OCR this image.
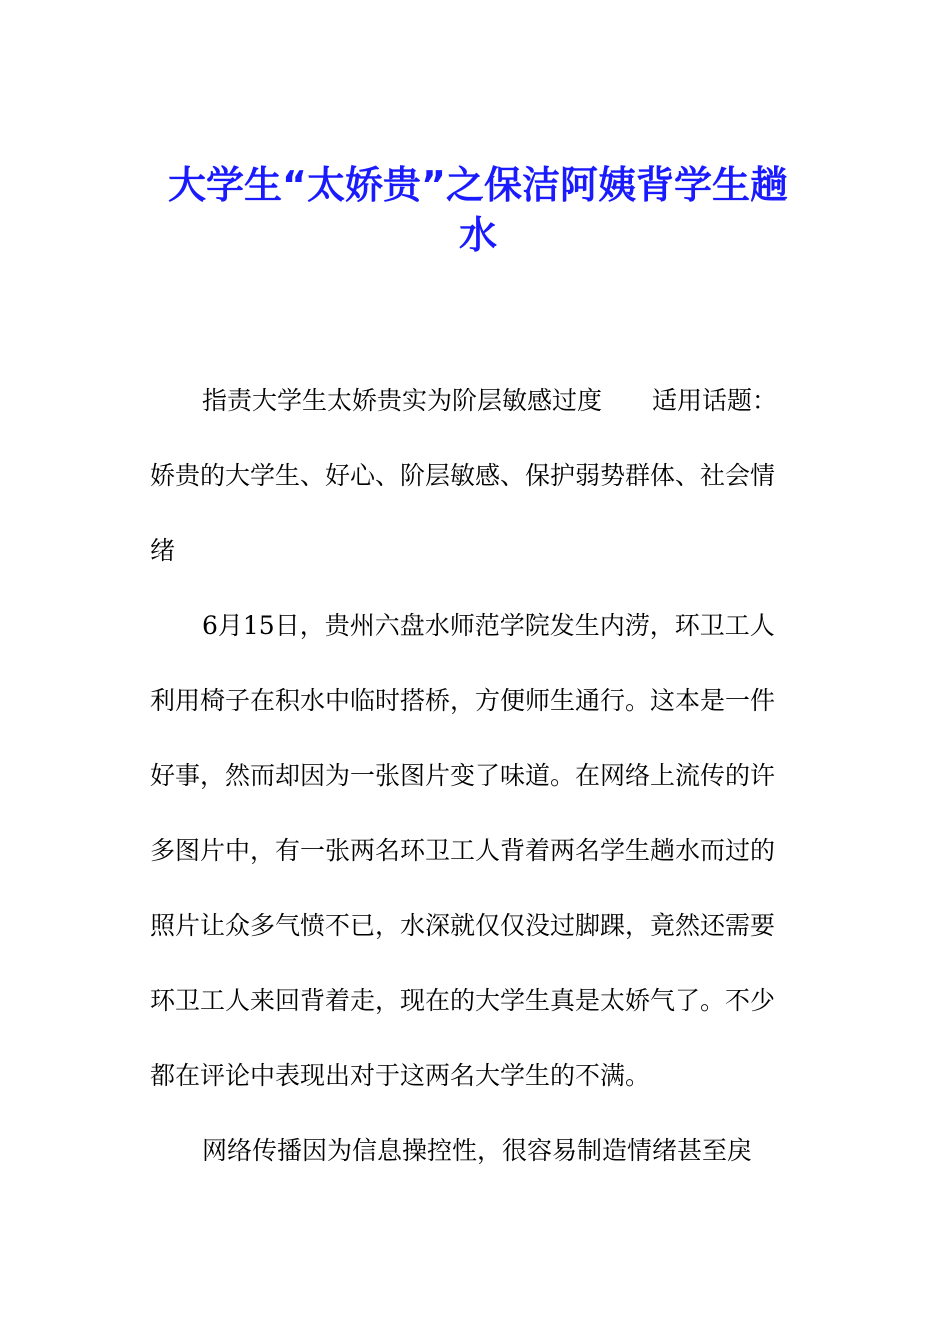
大学生“太娇贵”之保洁阿姨背学生趟
水
指责大学生太娇贵实为阶层敏感过度 适用话题：
娇贵的大学生、好心、阶层敏感、保护弱势群体、社会情
绪
6月15日，贵州六盘水师范学院发生内涝，环卫工人
利用椅子在积水中临时搭桥，方便师生通行。这本是一件
好事，然而却因为一张图片变了味道。在网络上流传的许
多图片中，有一张两名环卫工人背着两名学生趟水而过的
照片让众多气愤不已，水深就仅仅没过脚踝，竟然还需要
环卫工人来回背着走，现在的大学生真是太娇气了。不少
都在评论中表现出对于这两名大学生的不满。
网络传播因为信息操控性，很容易制造情绪甚至戾
